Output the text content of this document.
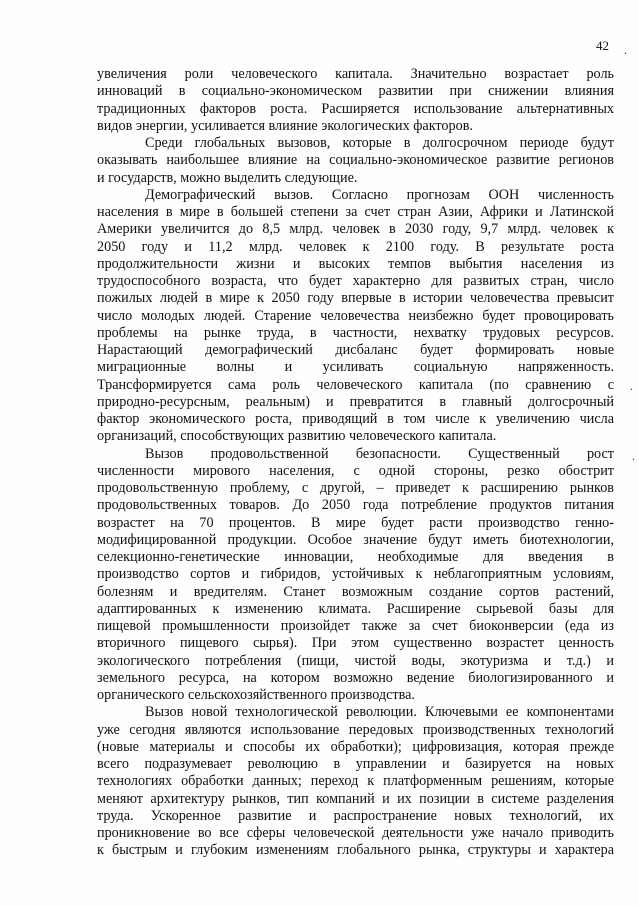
42 .
.
.
увеличения роли человеческого капитала. Значительно возрастает роль
инноваций в социально-экономическом развитии при снижении влияния
традиционных факторов роста. Расширяется использование альтернативных
видов энергии, усиливается влияние экологических факторов.
Среди глобальных вызовов, которые в долгосрочном периоде будут
оказывать наибольшее влияние на социально-экономическое развитие регионов
и государств, можно выделить следующие.
Демографический вызов. Согласно прогнозам ООН численность
населения в мире в большей степени за счет стран Азии, Африки и Латинской
Америки увеличится до 8,5 млрд. человек в 2030 году, 9,7 млрд. человек к
2050 году и 11,2 млрд. человек к 2100 году. В результате роста
продолжительности жизни и высоких темпов выбытия населения из
трудоспособного возраста, что будет характерно для развитых стран, число
пожилых людей в мире к 2050 году впервые в истории человечества превысит
число молодых людей. Старение человечества неизбежно будет провоцировать
проблемы на рынке труда, в частности, нехватку трудовых ресурсов.
Нарастающий демографический дисбаланс будет формировать новые
миграционные волны и усиливать социальную напряженность.
Трансформируется сама роль человеческого капитала (по сравнению с
природно-ресурсным, реальным) и превратится в главный долгосрочный
фактор экономического роста, приводящий в том числе к увеличению числа
организаций, способствующих развитию человеческого капитала.
Вызов продовольственной безопасности. Существенный рост
численности мирового населения, с одной стороны, резко обострит
продовольственную проблему, с другой, – приведет к расширению рынков
продовольственных товаров. До 2050 года потребление продуктов питания
возрастет на 70 процентов. В мире будет расти производство генно-
модифицированной продукции. Особое значение будут иметь биотехнологии,
селекционно-генетические инновации, необходимые для введения в
производство сортов и гибридов, устойчивых к неблагоприятным условиям,
болезням и вредителям. Станет возможным создание сортов растений,
адаптированных к изменению климата. Расширение сырьевой базы для
пищевой промышленности произойдет также за счет биоконверсии (еда из
вторичного пищевого сырья). При этом существенно возрастет ценность
экологического потребления (пищи, чистой воды, экотуризма и т.д.) и
земельного ресурса, на котором возможно ведение биологизированного и
органического сельскохозяйственного производства.
Вызов новой технологической революции. Ключевыми ее компонентами
уже сегодня являются использование передовых производственных технологий
(новые материалы и способы их обработки); цифровизация, которая прежде
всего подразумевает революцию в управлении и базируется на новых
технологиях обработки данных; переход к платформенным решениям, которые
меняют архитектуру рынков, тип компаний и их позиции в системе разделения
труда. Ускоренное развитие и распространение новых технологий, их
проникновение во все сферы человеческой деятельности уже начало приводить
к быстрым и глубоким изменениям глобального рынка, структуры и характера
